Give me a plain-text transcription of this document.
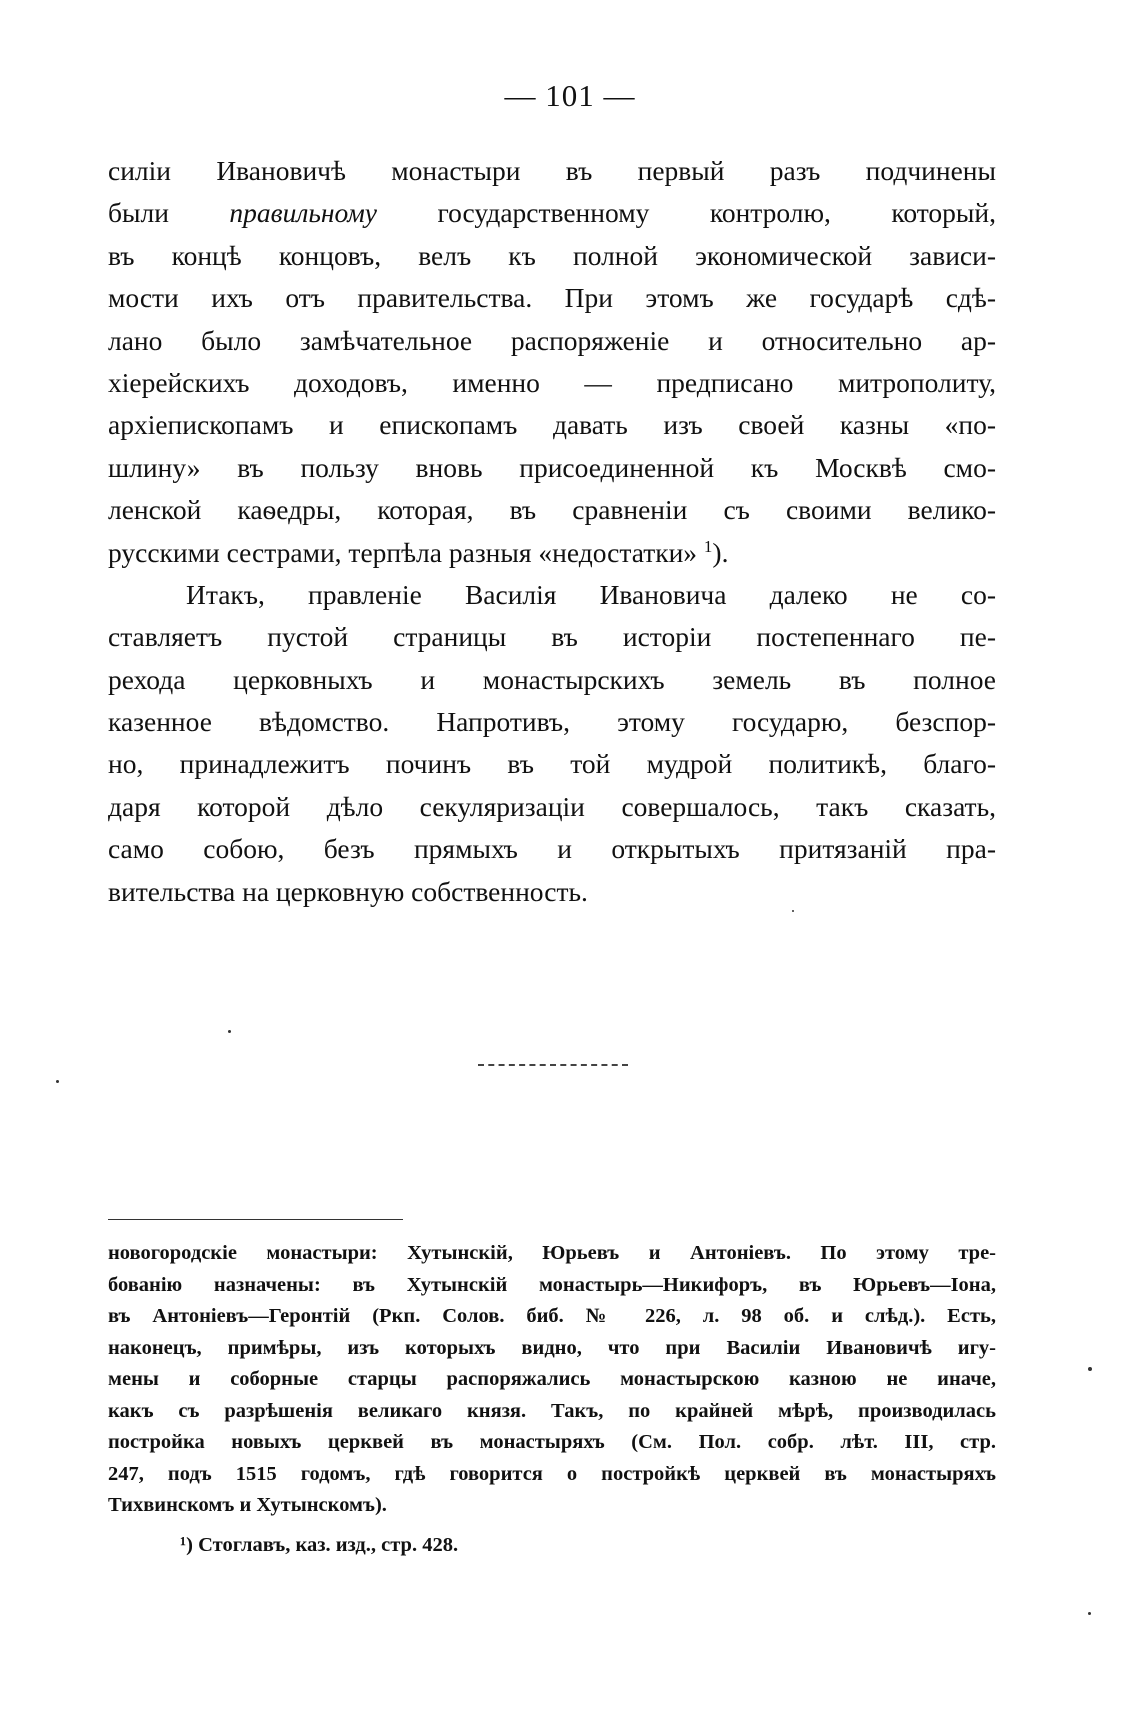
— 101 —
силіи Ивановичѣ монастыри въ первый разъ подчинены
были правильному государственному контролю, который,
въ концѣ концовъ, велъ къ полной экономической зависи-
мости ихъ отъ правительства. При этомъ же государѣ сдѣ-
лано было замѣчательное распоряженіе и относительно ар-
хіерейскихъ доходовъ, именно — предписано митрополиту,
архіепископамъ и епископамъ давать изъ своей казны «по-
шлину» въ пользу вновь присоединенной къ Москвѣ смо-
ленской каѳедры, которая, въ сравненіи съ своими велико-
русскими сестрами, терпѣла разныя «недостатки» $^1$).
Итакъ, правленіе Василія Ивановича далеко не со-
ставляетъ пустой страницы въ исторіи постепеннаго пе-
рехода церковныхъ и монастырскихъ земель въ полное
казенное вѣдомство. Напротивъ, этому государю, безспор-
но, принадлежитъ починъ въ той мудрой политикѣ, благо-
даря которой дѣло секуляризаціи совершалось, такъ сказать,
само собою, безъ прямыхъ и открытыхъ притязаній пра-
вительства на церковную собственность.
новогородскіе монастыри: Хутынскій, Юрьевъ и Антоніевъ. По этому тре-
бованію назначены: въ Хутынскій монастырь—Никифоръ, въ Юрьевъ—Іона,
въ Антоніевъ—Геронтій (Ркп. Солов. биб. № 226, л. 98 об. и слѣд.). Есть,
наконецъ, примѣры, изъ которыхъ видно, что при Василіи Ивановичѣ игу-
мены и соборные старцы распоряжались монастырскою казною не иначе,
какъ съ разрѣшенія великаго князя. Такъ, по крайней мѣрѣ, производилась
постройка новыхъ церквей въ монастыряхъ (См. Пол. собр. лѣт. III, стр.
247, подъ 1515 годомъ, гдѣ говорится о постройкѣ церквей въ монастыряхъ
Тихвинскомъ и Хутынскомъ).
¹) Стоглавъ, каз. изд., стр. 428.
